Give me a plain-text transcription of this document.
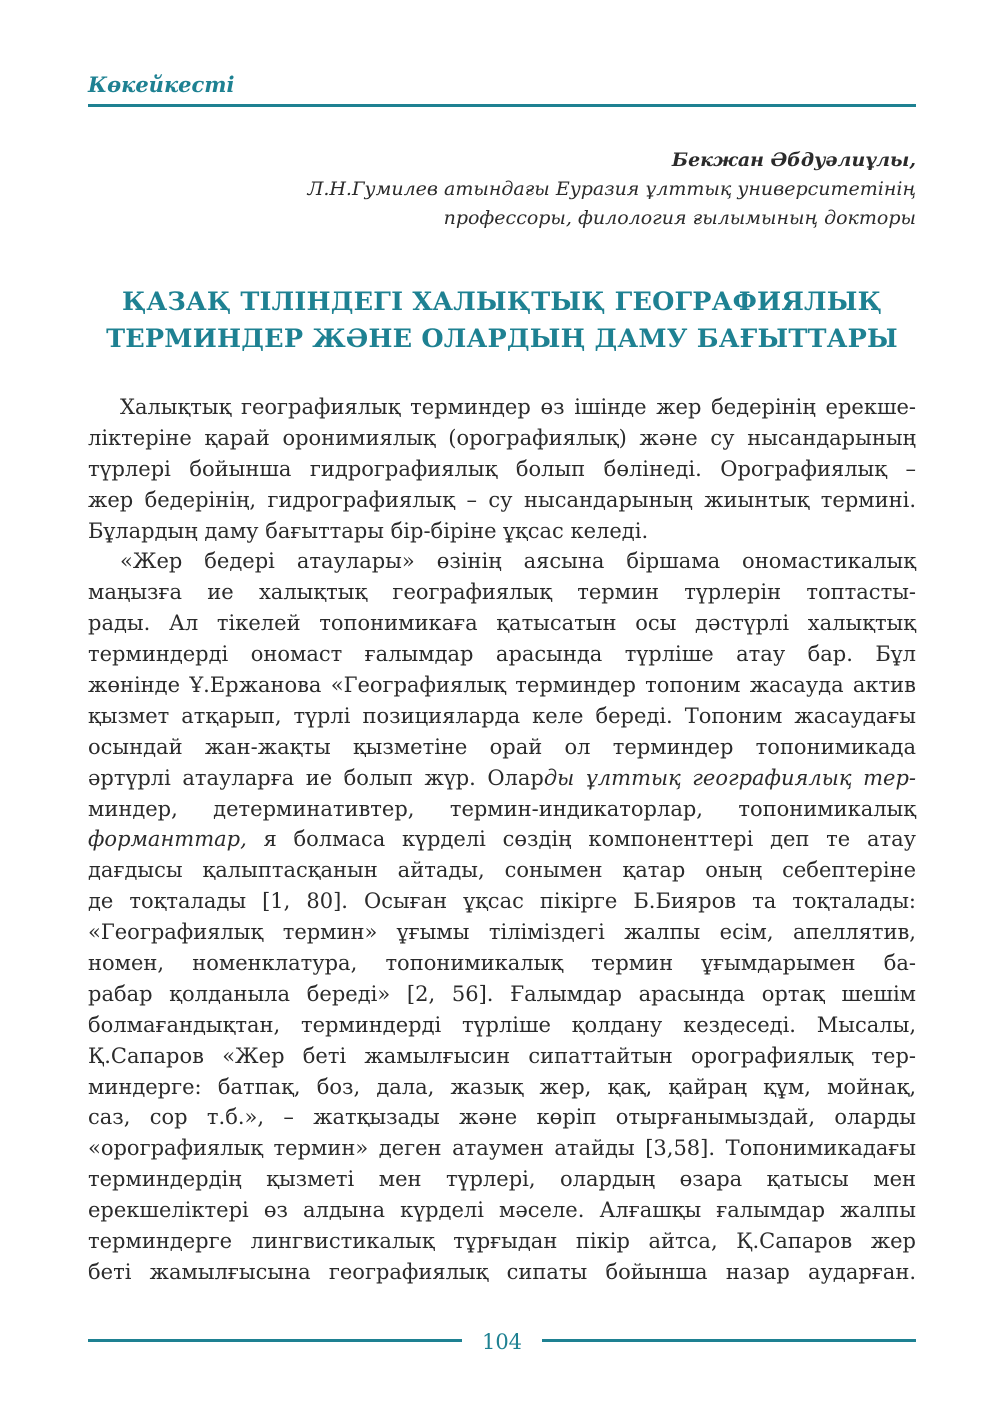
Көкейкесті
Бекжан Әбдуәлиұлы,
Л.Н.Гумилев атындағы Еуразия ұлттық университетінің
профессоры, филология ғылымының докторы
ҚАЗАҚ ТІЛІНДЕГІ ХАЛЫҚТЫҚ ГЕОГРАФИЯЛЫҚ
ТЕРМИНДЕР ЖӘНЕ ОЛАРДЫҢ ДАМУ БАҒЫТТАРЫ
Халықтық географиялық терминдер өз ішінде жер бедерінің ерекше-
ліктеріне қарай оронимиялық (орографиялық) және су нысандарының
түрлері бойынша гидрографиялық болып бөлінеді. Орографиялық –
жер бедерінің, гидрографиялық – су нысандарының жиынтық термині.
Бұлардың даму бағыттары бір-біріне ұқсас келеді.
«Жер бедері атаулары» өзінің аясына біршама ономастикалық
маңызға ие халықтық географиялық термин түрлерін топтасты-
рады. Ал тікелей топонимикаға қатысатын осы дәстүрлі халықтық
терминдерді ономаст ғалымдар арасында түрліше атау бар. Бұл
жөнінде Ұ.Ержанова «Географиялық терминдер топоним жасауда актив
қызмет атқарып, түрлі позицияларда келе береді. Топоним жасаудағы
осындай жан-жақты қызметіне орай ол терминдер топонимикада
әртүрлі атауларға ие болып жүр. Оларды ұлттық географиялық тер-
миндер, детерминативтер, термин-индикаторлар, топонимикалық
форманттар, я болмаса күрделі сөздің компоненттері деп те атау
дағдысы қалыптасқанын айтады, сонымен қатар оның себептеріне
де тоқталады [1, 80]. Осыған ұқсас пікірге Б.Бияров та тоқталады:
«Географиялық термин» ұғымы тіліміздегі жалпы есім, апеллятив,
номен, номенклатура, топонимикалық термин ұғымдарымен ба-
рабар қолданыла береді» [2, 56]. Ғалымдар арасында ортақ шешім
болмағандықтан, терминдерді түрліше қолдану кездеседі. Мысалы,
Қ.Сапаров «Жер беті жамылғысин сипаттайтын орографиялық тер-
миндерге: батпақ, боз, дала, жазық жер, қақ, қайраң құм, мойнақ,
саз, сор т.б.», – жатқызады және көріп отырғанымыздай, оларды
«орографиялық термин» деген атаумен атайды [3,58]. Топонимикадағы
терминдердің қызметі мен түрлері, олардың өзара қатысы мен
ерекшеліктері өз алдына күрделі мәселе. Алғашқы ғалымдар жалпы
терминдерге лингвистикалық тұрғыдан пікір айтса, Қ.Сапаров жер
беті жамылғысына географиялық сипаты бойынша назар аударған.
104
